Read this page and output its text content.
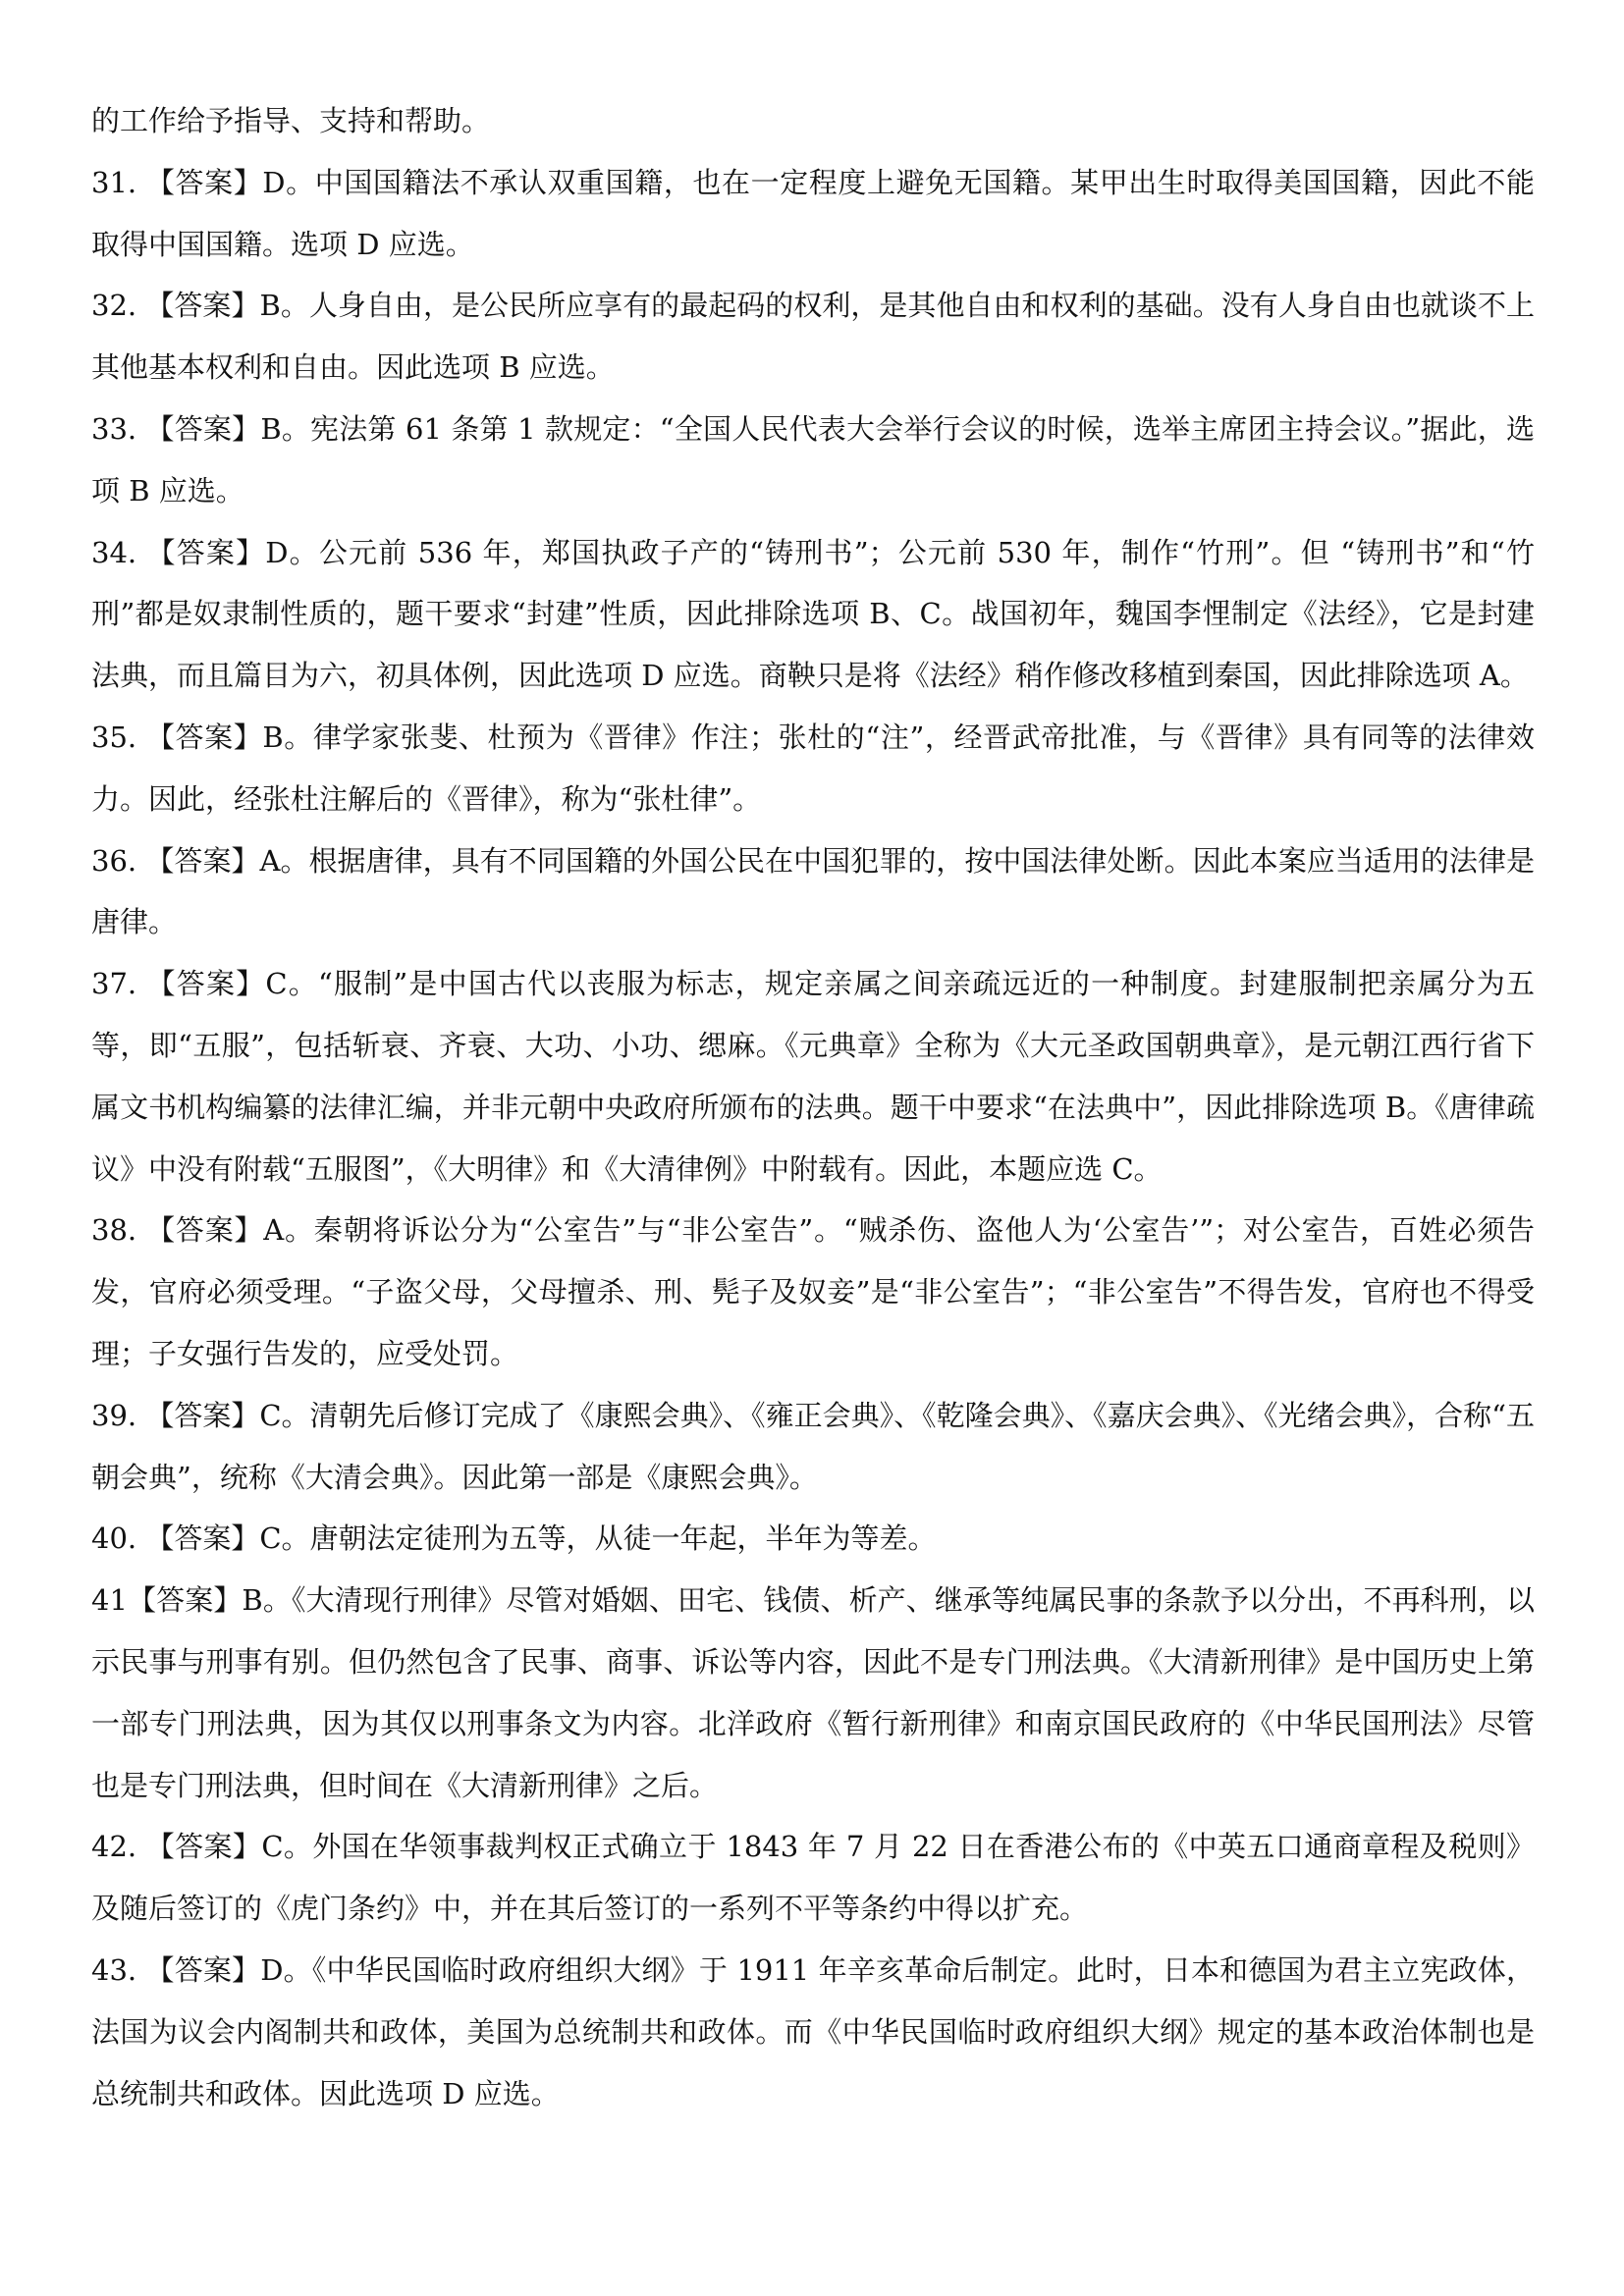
的工作给予指导、支持和帮助。

31. 【答案】D。中国国籍法不承认双重国籍，也在一定程度上避免无国籍。某甲出生时取得美国国籍，因此不能取得中国国籍。选项 D 应选。

32. 【答案】B。人身自由，是公民所应享有的最起码的权利，是其他自由和权利的基础。没有人身自由也就谈不上其他基本权利和自由。因此选项 B 应选。

33. 【答案】B。宪法第 61 条第 1 款规定：“全国人民代表大会举行会议的时候，选举主席团主持会议。”据此，选项 B 应选。

34. 【答案】D。公元前 536 年，郑国执政子产的“铸刑书”；公元前 530 年，制作“竹刑”。但 “铸刑书”和“竹刑”都是奴隶制性质的，题干要求“封建”性质，因此排除选项 B、C。战国初年，魏国李悝制定《法经》，它是封建法典，而且篇目为六，初具体例，因此选项 D 应选。商鞅只是将《法经》稍作修改移植到秦国，因此排除选项 A。

35. 【答案】B。律学家张斐、杜预为《晋律》作注；张杜的“注”，经晋武帝批准，与《晋律》具有同等的法律效力。因此，经张杜注解后的《晋律》，称为“张杜律”。

36. 【答案】A。根据唐律，具有不同国籍的外国公民在中国犯罪的，按中国法律处断。因此本案应当适用的法律是唐律。

37. 【答案】C。“服制”是中国古代以丧服为标志，规定亲属之间亲疏远近的一种制度。封建服制把亲属分为五等，即“五服”，包括斩衰、齐衰、大功、小功、缌麻。《元典章》全称为《大元圣政国朝典章》，是元朝江西行省下属文书机构编纂的法律汇编，并非元朝中央政府所颁布的法典。题干中要求“在法典中”，因此排除选项 B。《唐律疏议》中没有附载“五服图”，《大明律》和《大清律例》中附载有。因此，本题应选 C。

38. 【答案】A。秦朝将诉讼分为“公室告”与“非公室告”。“贼杀伤、盗他人为‘公室告’”；对公室告，百姓必须告发，官府必须受理。“子盗父母，父母擅杀、刑、髡子及奴妾”是“非公室告”；“非公室告”不得告发，官府也不得受理；子女强行告发的，应受处罚。

39. 【答案】C。清朝先后修订完成了《康熙会典》、《雍正会典》、《乾隆会典》、《嘉庆会典》、《光绪会典》，合称“五朝会典”，统称《大清会典》。因此第一部是《康熙会典》。

40. 【答案】C。唐朝法定徒刑为五等，从徒一年起，半年为等差。

41【答案】B。《大清现行刑律》尽管对婚姻、田宅、钱债、析产、继承等纯属民事的条款予以分出，不再科刑，以示民事与刑事有别。但仍然包含了民事、商事、诉讼等内容，因此不是专门刑法典。《大清新刑律》是中国历史上第一部专门刑法典，因为其仅以刑事条文为内容。北洋政府《暂行新刑律》和南京国民政府的《中华民国刑法》尽管也是专门刑法典，但时间在《大清新刑律》之后。

42. 【答案】C。外国在华领事裁判权正式确立于 1843 年 7 月 22 日在香港公布的《中英五口通商章程及税则》及随后签订的《虎门条约》中，并在其后签订的一系列不平等条约中得以扩充。

43. 【答案】D。《中华民国临时政府组织大纲》于 1911 年辛亥革命后制定。此时，日本和德国为君主立宪政体，法国为议会内阁制共和政体，美国为总统制共和政体。而《中华民国临时政府组织大纲》规定的基本政治体制也是总统制共和政体。因此选项 D 应选。
